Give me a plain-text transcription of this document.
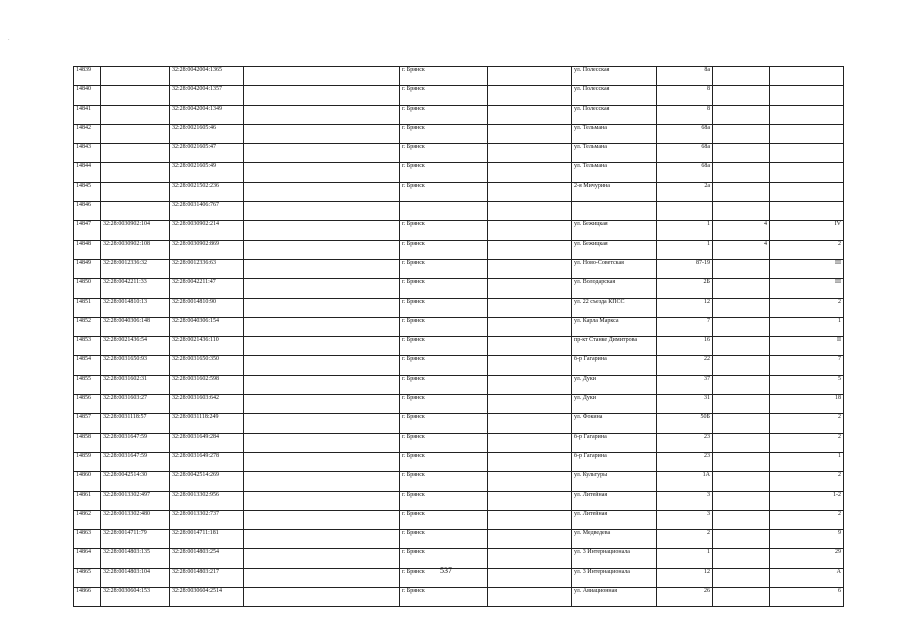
·
14839		32:28:0042004:1365		г. Брянск		ул. Полесская	8а		
14840		32:28:0042004:1357		г. Брянск		ул. Полесская	8		
14841		32:28:0042004:1349		г. Брянск		ул. Полесская	8		
14842		32:28:0021605:46		г. Брянск		ул. Тельмана	68а		
14843		32:28:0021605:47		г. Брянск		ул. Тельмана	68а		
14844		32:28:0021605:49		г. Брянск		ул. Тельмана	68а		
14845		32:28:0021502:236		г. Брянск		2-я Мичурина	2а		
14846		32:28:0031406:767							
14847	32:28:0030902:104	32:28:0030902:214		г. Брянск		ул. Бежицкая	1	4	IV
14848	32:28:0030902:108	32:28:0030902:869		г. Брянск		ул. Бежицкая	1	4	2
14849	32:28:0012336:32	32:28:0012336:63		г. Брянск		ул. Ново-Советская	87-19		III
14850	32:28:0042211:33	32:28:0042211:47		г. Брянск		ул. Володарская	2Б		III
14851	32:28:0014810:13	32:28:0014810:90		г. Брянск		ул. 22 съезда КПСС	12		2
14852	32:28:0040306:148	32:28:0040306:154		г. Брянск		ул. Карла Маркса	7		1
14853	32:28:0021436:54	32:28:0021436:110		г. Брянск		пр-кт Станке Димитрова	16		II
14854	32:28:0031650:93	32:28:0031650:350		г. Брянск		б-р Гагарина	22		7
14855	32:28:0031602:31	32:28:0031602:598		г. Брянск		ул. Дуки	37		5
14856	32:28:0031603:27	32:28:0031603:642		г. Брянск		ул. Дуки	31		18
14857	32:28:0031118:57	32:28:0031118:249		г. Брянск		ул. Фокина	50Б		2
14858	32:28:0031647:59	32:28:0031649:284		г. Брянск		б-р Гагарина	23		2
14859	32:28:0031647:59	32:28:0031649:278		г. Брянск		б-р Гагарина	23		1
14860	32:28:0042514:30	32:28:0042514:269		г. Брянск		ул. Культуры	1А		2
14861	32:28:0013302:497	32:28:0013302:956		г. Брянск		ул. Литейная	3		1-2
14862	32:28:0013302:480	32:28:0013302:737		г. Брянск		ул. Литейная	3		2
14863	32:28:0014711:79	32:28:0014711:181		г. Брянск		ул. Медведева	2		9
14864	32:28:0014803:135	32:28:0014803:254		г. Брянск		ул. 3 Интернационала	1		29
14865	32:28:0014803:104	32:28:0014803:217		г. Брянск		ул. 3 Интернационала	12		А
14866	32:28:0030604:153	32:28:0030604:2514		г. Брянск		ул. Авиационная	26		6
537
